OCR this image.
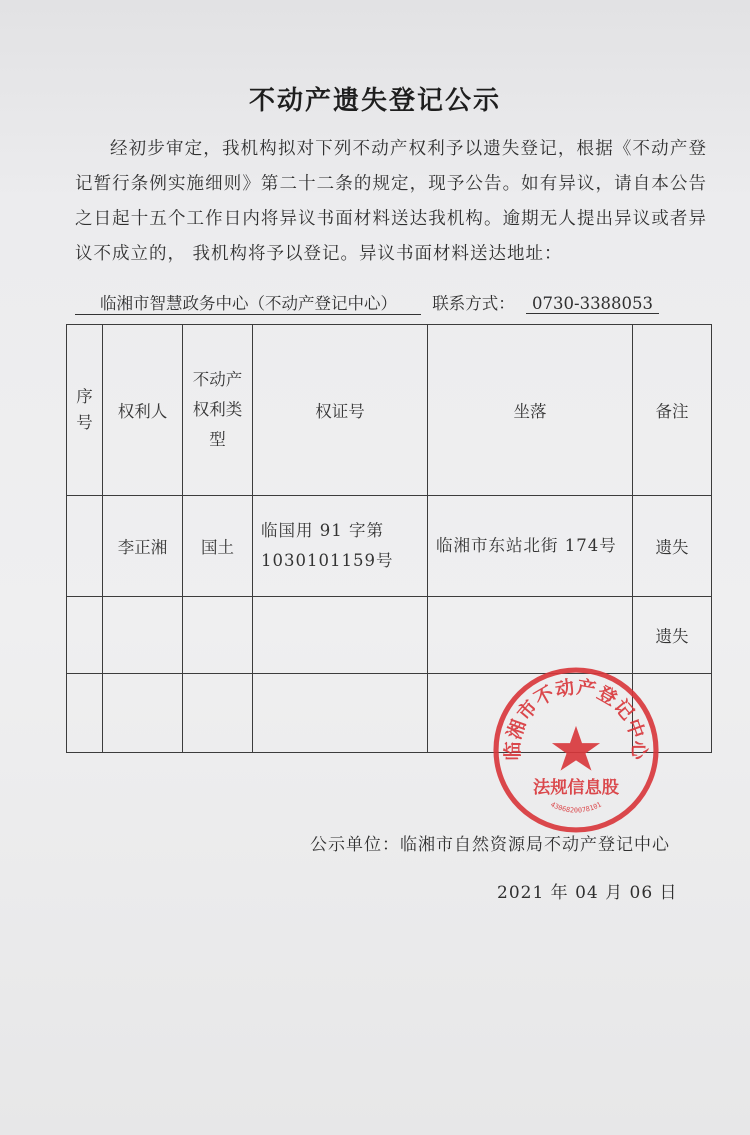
不动产遗失登记公示

经初步审定，我机构拟对下列不动产权利予以遗失登记，根据《不动产登记暂行条例实施细则》第二十二条的规定，现予公告。如有异议，请自本公告之日起十五个工作日内将异议书面材料送达我机构。逾期无人提出异议或者异议不成立的， 我机构将予以登记。异议书面材料送达地址：

临湘市智慧政务中心（不动产登记中心） 联系方式： 0730-3388053
序号	权利人	不动产权利类型	权证号	坐落	备注
	李正湘	国土	临国用 91 字第1030101159号	临湘市东站北街 174号	遗失
					遗失

临湘市不动产登记中心
法规信息股
4306820078101
公示单位：临湘市自然资源局不动产登记中心
2021 年 04 月 06 日
